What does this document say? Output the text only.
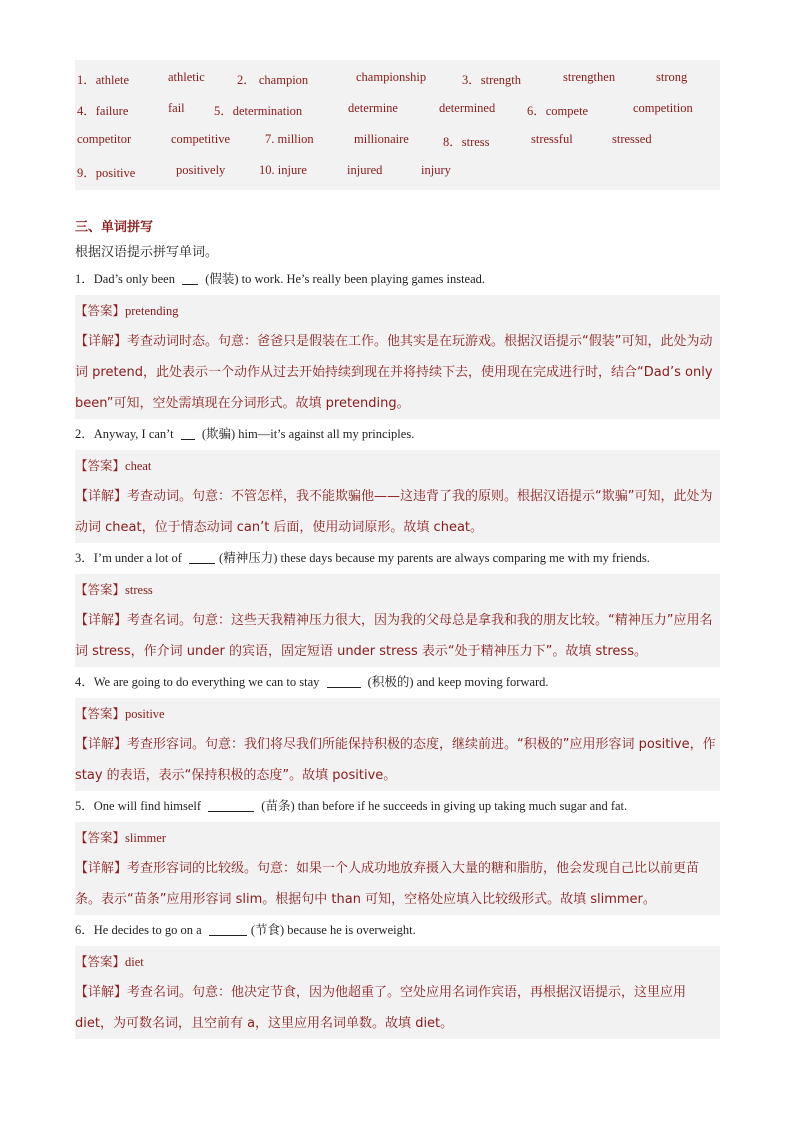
1．athlete	athletic	2． champion	championship	3．strength	strengthen	strong
4．failure	fail 5．determination	determine	determined	6．compete	competition
competitor	competitive	7. million	millionaire	8．stress	stressful	stressed
9．positive	positively	10. injure	injured	injury
三、单词拼写
根据汉语提示拼写单词。
1．Dad’s only been  (假装) to work. He’s really been playing games instead.
【答案】pretending
【详解】考查动词时态。句意：爸爸只是假装在工作。他其实是在玩游戏。根据汉语提示“假装”可知，此处为动词 pretend，此处表示一个动作从过去开始持续到现在并将持续下去，使用现在完成进行时，结合“Dad’s only been”可知，空处需填现在分词形式。故填 pretending。
2．Anyway, I can’t  (欺骗) him—it’s against all my principles.
【答案】cheat
【详解】考查动词。句意：不管怎样，我不能欺骗他——这违背了我的原则。根据汉语提示“欺骗”可知，此处为动词 cheat，位于情态动词 can’t 后面，使用动词原形。故填 cheat。
3．I’m under a lot of	(精神压力) these days because my parents are always comparing me with my friends.
【答案】stress
【详解】考查名词。句意：这些天我精神压力很大，因为我的父母总是拿我和我的朋友比较。“精神压力”应用名词 stress，作介词 under 的宾语，固定短语 under stress 表示“处于精神压力下”。故填 stress。
4．We are going to do everything we can to stay	(积极的) and keep moving forward.
【答案】positive
【详解】考查形容词。句意：我们将尽我们所能保持积极的态度，继续前进。“积极的”应用形容词 positive，作 stay 的表语，表示“保持积极的态度”。故填 positive。
5．One will find himself	(苗条) than before if he succeeds in giving up taking much sugar and fat.
【答案】slimmer
【详解】考查形容词的比较级。句意：如果一个人成功地放弃摄入大量的糖和脂肪，他会发现自己比以前更苗条。表示“苗条”应用形容词 slim。根据句中 than 可知，空格处应填入比较级形式。故填 slimmer。
6．He decides to go on a	(节食) because he is overweight.
【答案】diet
【详解】考查名词。句意：他决定节食，因为他超重了。空处应用名词作宾语，再根据汉语提示，这里应用 diet，为可数名词，且空前有 a，这里应用名词单数。故填 diet。
